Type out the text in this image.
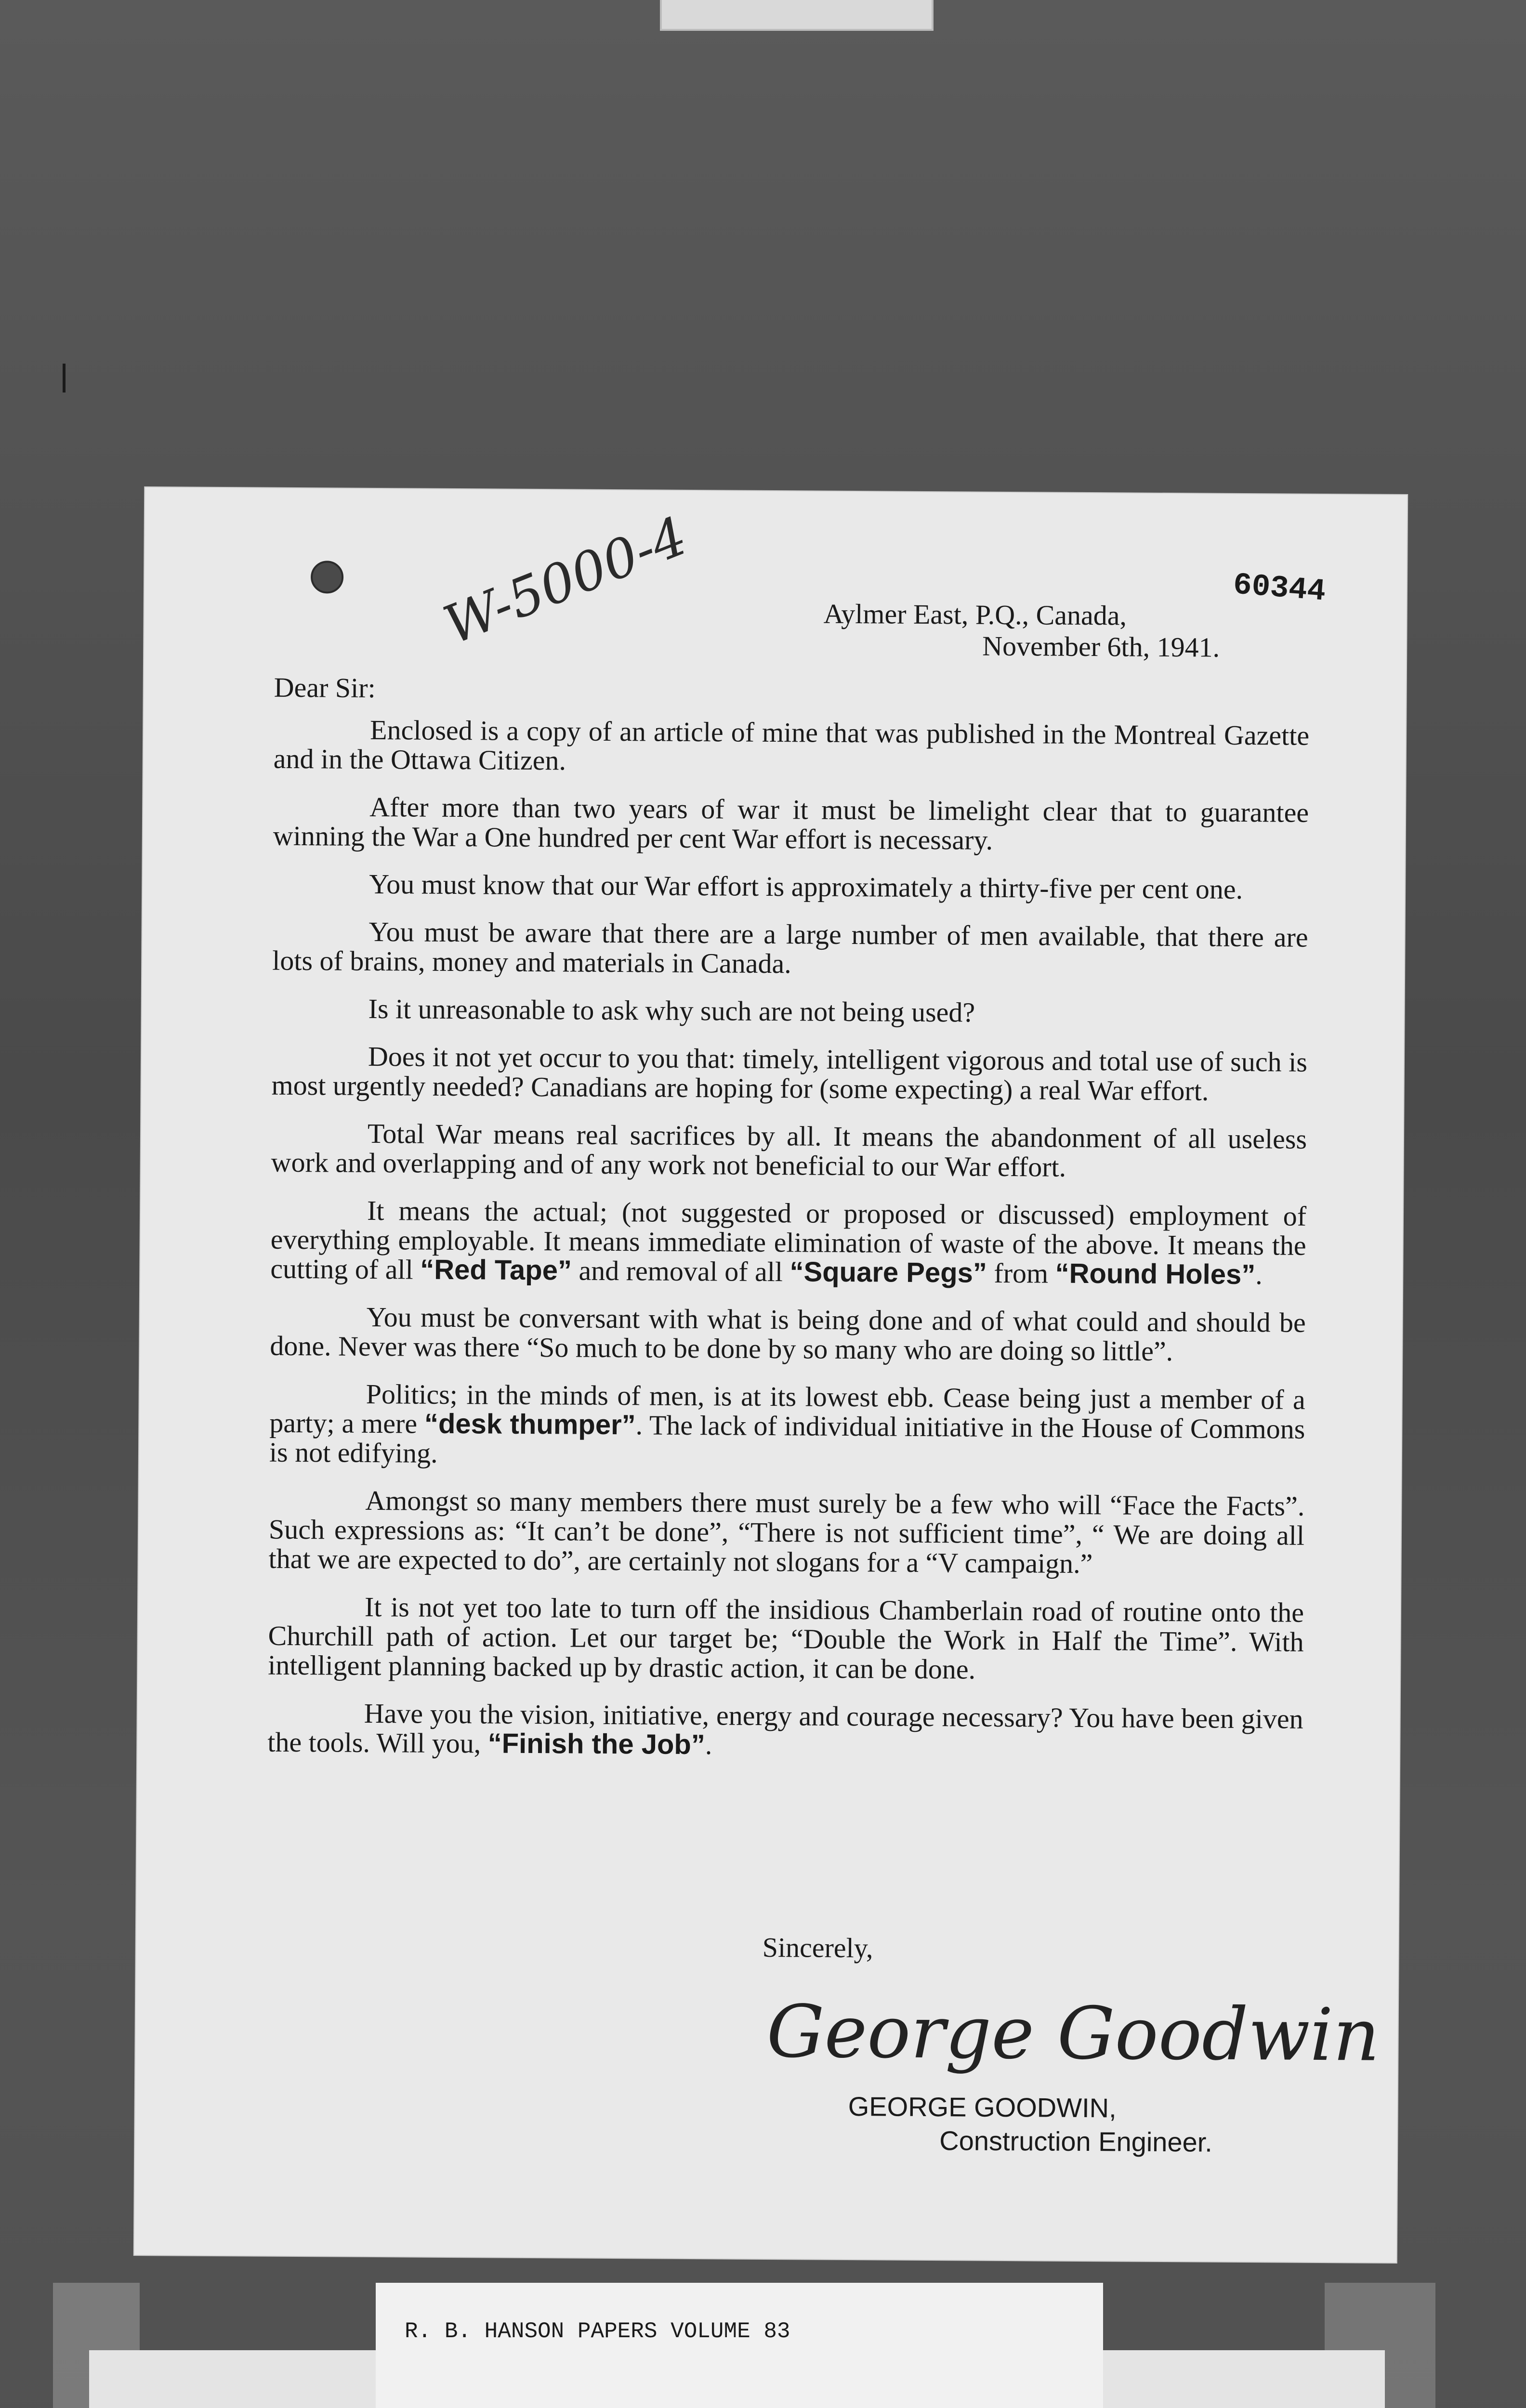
W-5000-4	60344
Aylmer East, P.Q., Canada,
November 6th, 1941.
Dear Sir:

Enclosed is a copy of an article of mine that was published in the Montreal Gazette and in the Ottawa Citizen.

After more than two years of war it must be limelight clear that to guarantee winning the War a One hundred per cent War effort is necessary.

You must know that our War effort is approximately a thirty-five per cent one.

You must be aware that there are a large number of men available, that there are lots of brains, money and materials in Canada.

Is it unreasonable to ask why such are not being used?

Does it not yet occur to you that: timely, intelligent vigorous and total use of such is most urgently needed? Canadians are hoping for (some expecting) a real War effort.

Total War means real sacrifices by all. It means the abandonment of all useless work and overlapping and of any work not beneficial to our War effort.

It means the actual; (not suggested or proposed or discussed) employment of everything employable. It means immediate elimination of waste of the above. It means the cutting of all “Red Tape” and removal of all “Square Pegs” from “Round Holes”.

You must be conversant with what is being done and of what could and should be done. Never was there “So much to be done by so many who are doing so little”.

Politics; in the minds of men, is at its lowest ebb. Cease being just a member of a party; a mere “desk thumper”. The lack of individual initiative in the House of Commons is not edifying.

Amongst so many members there must surely be a few who will “Face the Facts”. Such expressions as: “It can’t be done”, “There is not sufficient time”, “ We are doing all that we are expected to do”, are certainly not slogans for a “V campaign.”

It is not yet too late to turn off the insidious Chamberlain road of routine onto the Churchill path of action. Let our target be; “Double the Work in Half the Time”. With intelligent planning backed up by drastic action, it can be done.

Have you the vision, initiative, energy and courage necessary? You have been given the tools. Will you, “Finish the Job”.

Sincerely,
George Goodwin
GEORGE GOODWIN,
Construction Engineer.
R. B. HANSON PAPERS VOLUME 83
